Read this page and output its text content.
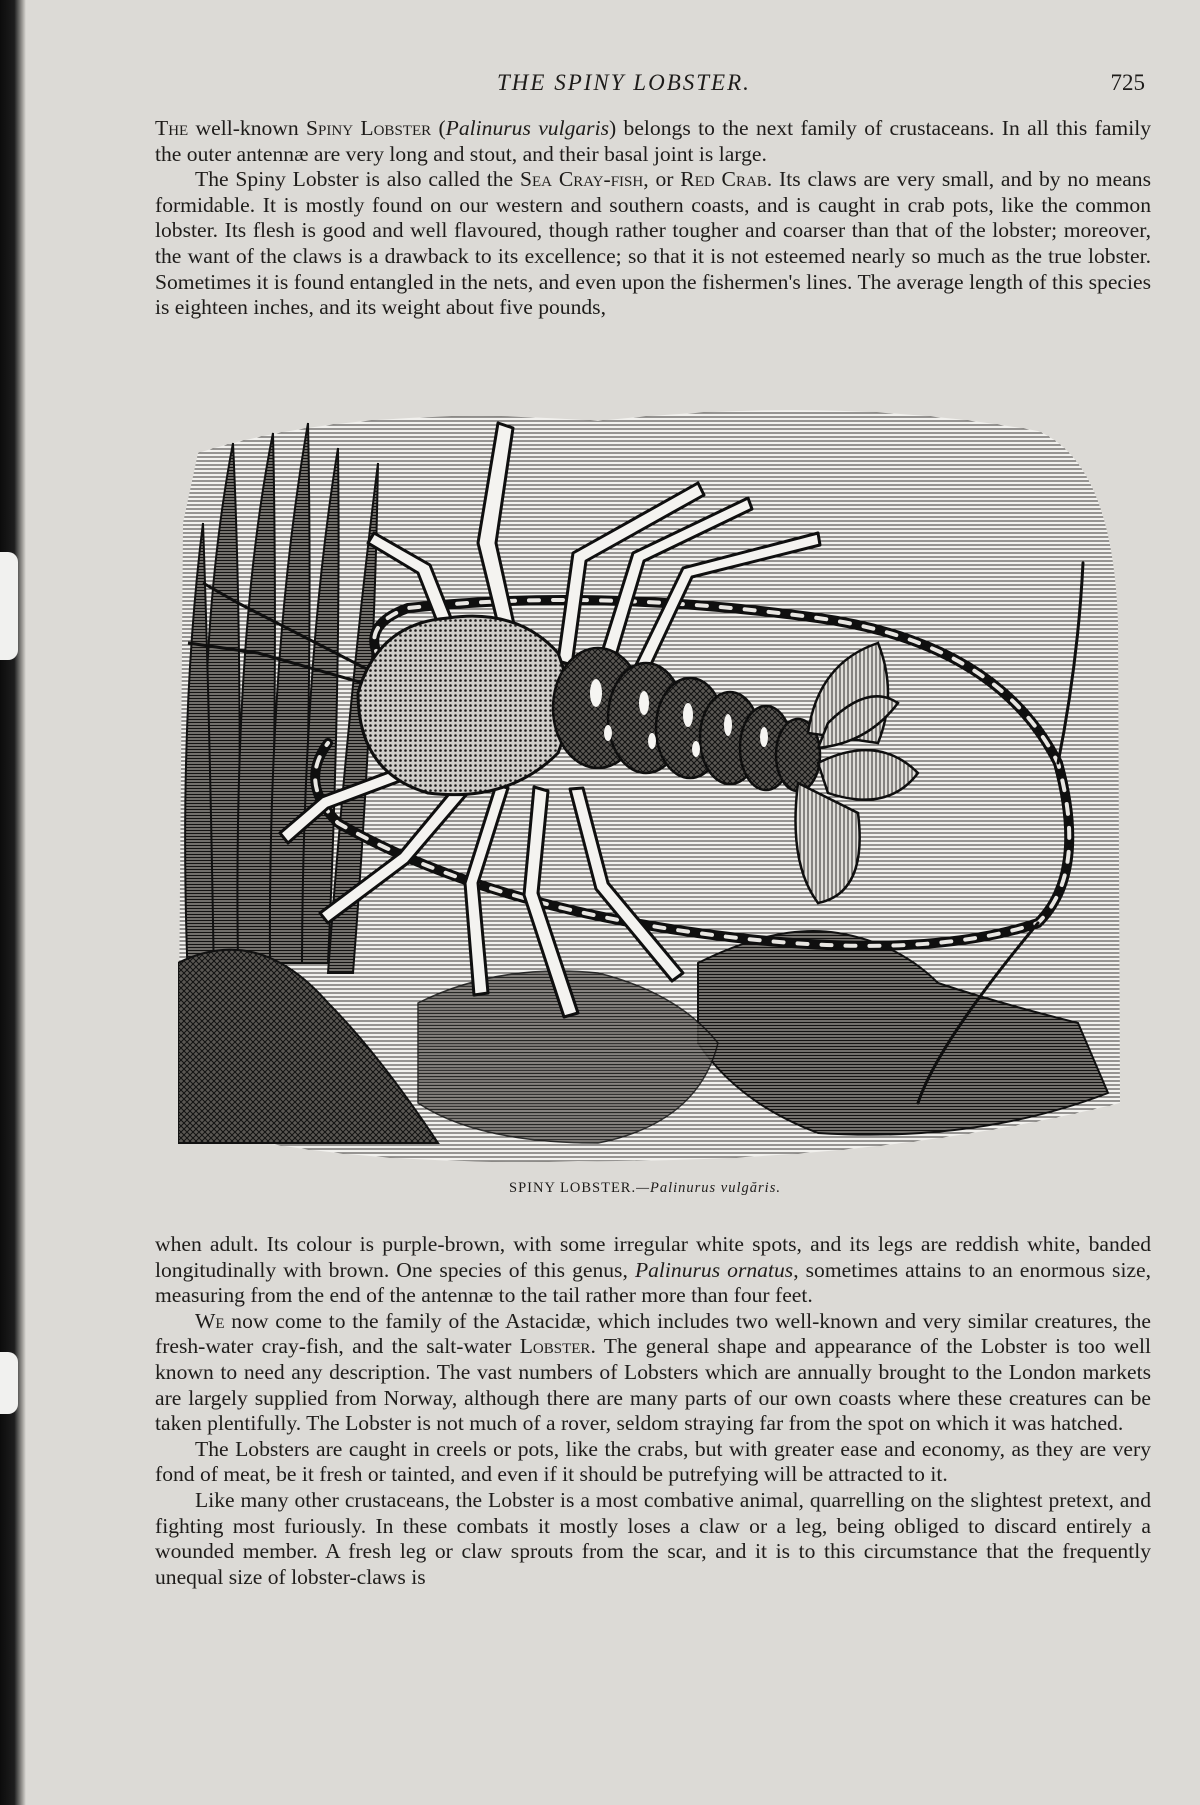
THE SPINY LOBSTER.	725

The well-known Spiny Lobster (Palinurus vulgaris) belongs to the next family of crustaceans. In all this family the outer antennæ are very long and stout, and their basal joint is large.

The Spiny Lobster is also called the Sea Cray-fish, or Red Crab. Its claws are very small, and by no means formidable. It is mostly found on our western and southern coasts, and is caught in crab pots, like the common lobster. Its flesh is good and well flavoured, though rather tougher and coarser than that of the lobster; moreover, the want of the claws is a drawback to its excellence; so that it is not esteemed nearly so much as the true lobster. Sometimes it is found entangled in the nets, and even upon the fishermen's lines. The average length of this species is eighteen inches, and its weight about five pounds,

SPINY LOBSTER.—Palinurus vulgăris.

when adult. Its colour is purple-brown, with some irregular white spots, and its legs are reddish white, banded longitudinally with brown. One species of this genus, Palinurus ornatus, sometimes attains to an enormous size, measuring from the end of the antennæ to the tail rather more than four feet.

We now come to the family of the Astacidæ, which includes two well-known and very similar creatures, the fresh-water cray-fish, and the salt-water Lobster. The general shape and appearance of the Lobster is too well known to need any description. The vast numbers of Lobsters which are annually brought to the London markets are largely supplied from Norway, although there are many parts of our own coasts where these creatures can be taken plentifully. The Lobster is not much of a rover, seldom straying far from the spot on which it was hatched.

The Lobsters are caught in creels or pots, like the crabs, but with greater ease and economy, as they are very fond of meat, be it fresh or tainted, and even if it should be putrefying will be attracted to it.

Like many other crustaceans, the Lobster is a most combative animal, quarrelling on the slightest pretext, and fighting most furiously. In these combats it mostly loses a claw or a leg, being obliged to discard entirely a wounded member. A fresh leg or claw sprouts from the scar, and it is to this circumstance that the frequently unequal size of lobster-claws is
